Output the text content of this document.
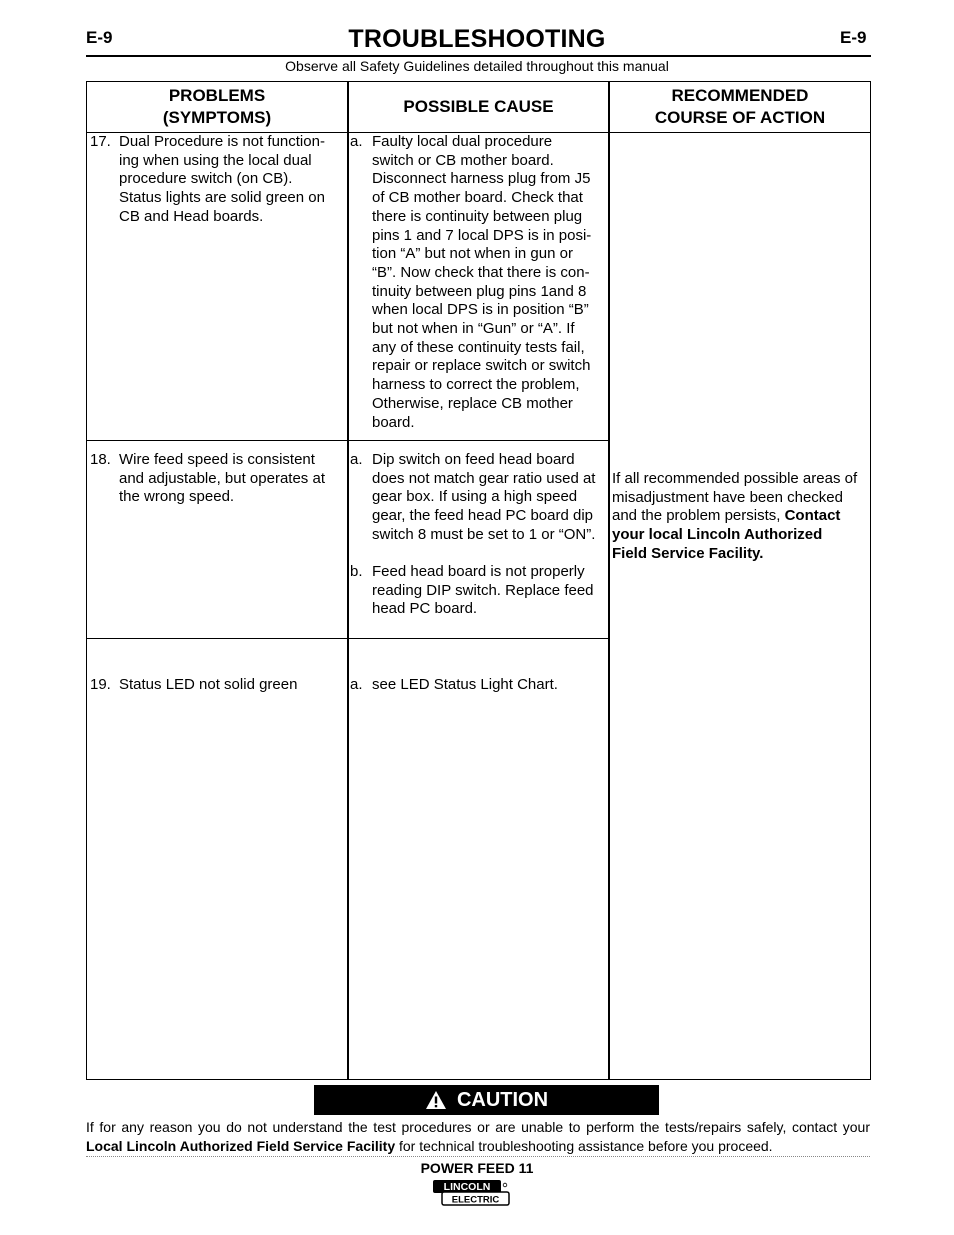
E-9	E-9
TROUBLESHOOTING
Observe all Safety Guidelines detailed throughout this manual
PROBLEMS
(SYMPTOMS)
POSSIBLE CAUSE
RECOMMENDED
COURSE OF ACTION
17. Dual Procedure is not function-
ing when using the local dual
procedure switch (on CB).
Status lights are solid green on
CB and Head boards.
a. Faulty local dual procedure
switch or CB mother board.
Disconnect harness plug from J5
of CB mother board. Check that
there is continuity between plug
pins 1 and 7 local DPS is in posi-
tion “A” but not when in gun or
“B”. Now check that there is con-
tinuity between plug pins 1and 8
when local DPS is in position “B”
but not when in “Gun” or “A”. If
any of these continuity tests fail,
repair or replace switch or switch
harness to correct the problem,
Otherwise, replace CB mother
board.
18. Wire feed speed is consistent
and adjustable, but operates at
the wrong speed.
a. Dip switch on feed head board
does not match gear ratio used at
gear box. If using a high speed
gear, the feed head PC board dip
switch 8 must be set to 1 or “ON”.
b. Feed head board is not properly
reading DIP switch. Replace feed
head PC board.
19. Status LED not solid green	a. see LED Status Light Chart.
If all recommended possible areas of
misadjustment have been checked
and the problem persists, Contact
your local Lincoln Authorized
Field Service Facility.
CAUTION
If for any reason you do not understand the test procedures or are unable to perform the tests/repairs safely, contact your Local Lincoln Authorized Field Service Facility for technical troubleshooting assistance before you proceed.
POWER FEED 11
LINCOLN
ELECTRIC
